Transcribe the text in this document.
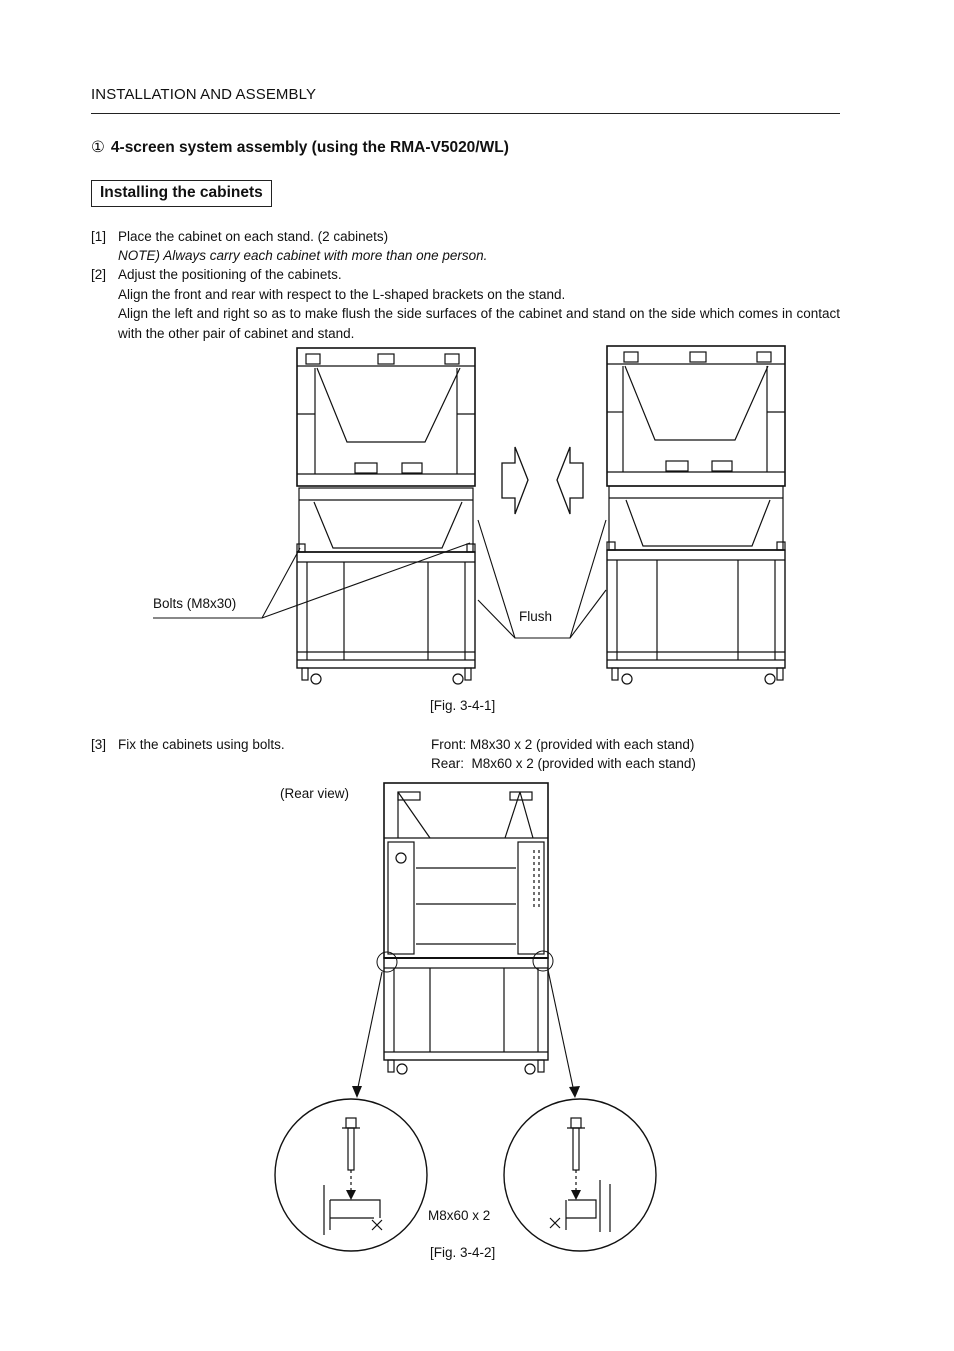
INSTALLATION AND ASSEMBLY
① 4-screen system assembly (using the RMA-V5020/WL)
Installing the cabinets
[1] Place the cabinet on each stand. (2 cabinets)
NOTE) Always carry each cabinet with more than one person.
[2] Adjust the positioning of the cabinets.
Align the front and rear with respect to the L-shaped brackets on the stand.
Align the left and right so as to make flush the side surfaces of the cabinet and stand on the side which comes in contact with the other pair of cabinet and stand.
Bolts (M8x30)
Flush
[Fig. 3-4-1]
[3] Fix the cabinets using bolts.	Front: M8x30 x 2 (provided with each stand)
Rear:  M8x60 x 2 (provided with each stand)
(Rear view)
M8x60 x 2
[Fig. 3-4-2]
